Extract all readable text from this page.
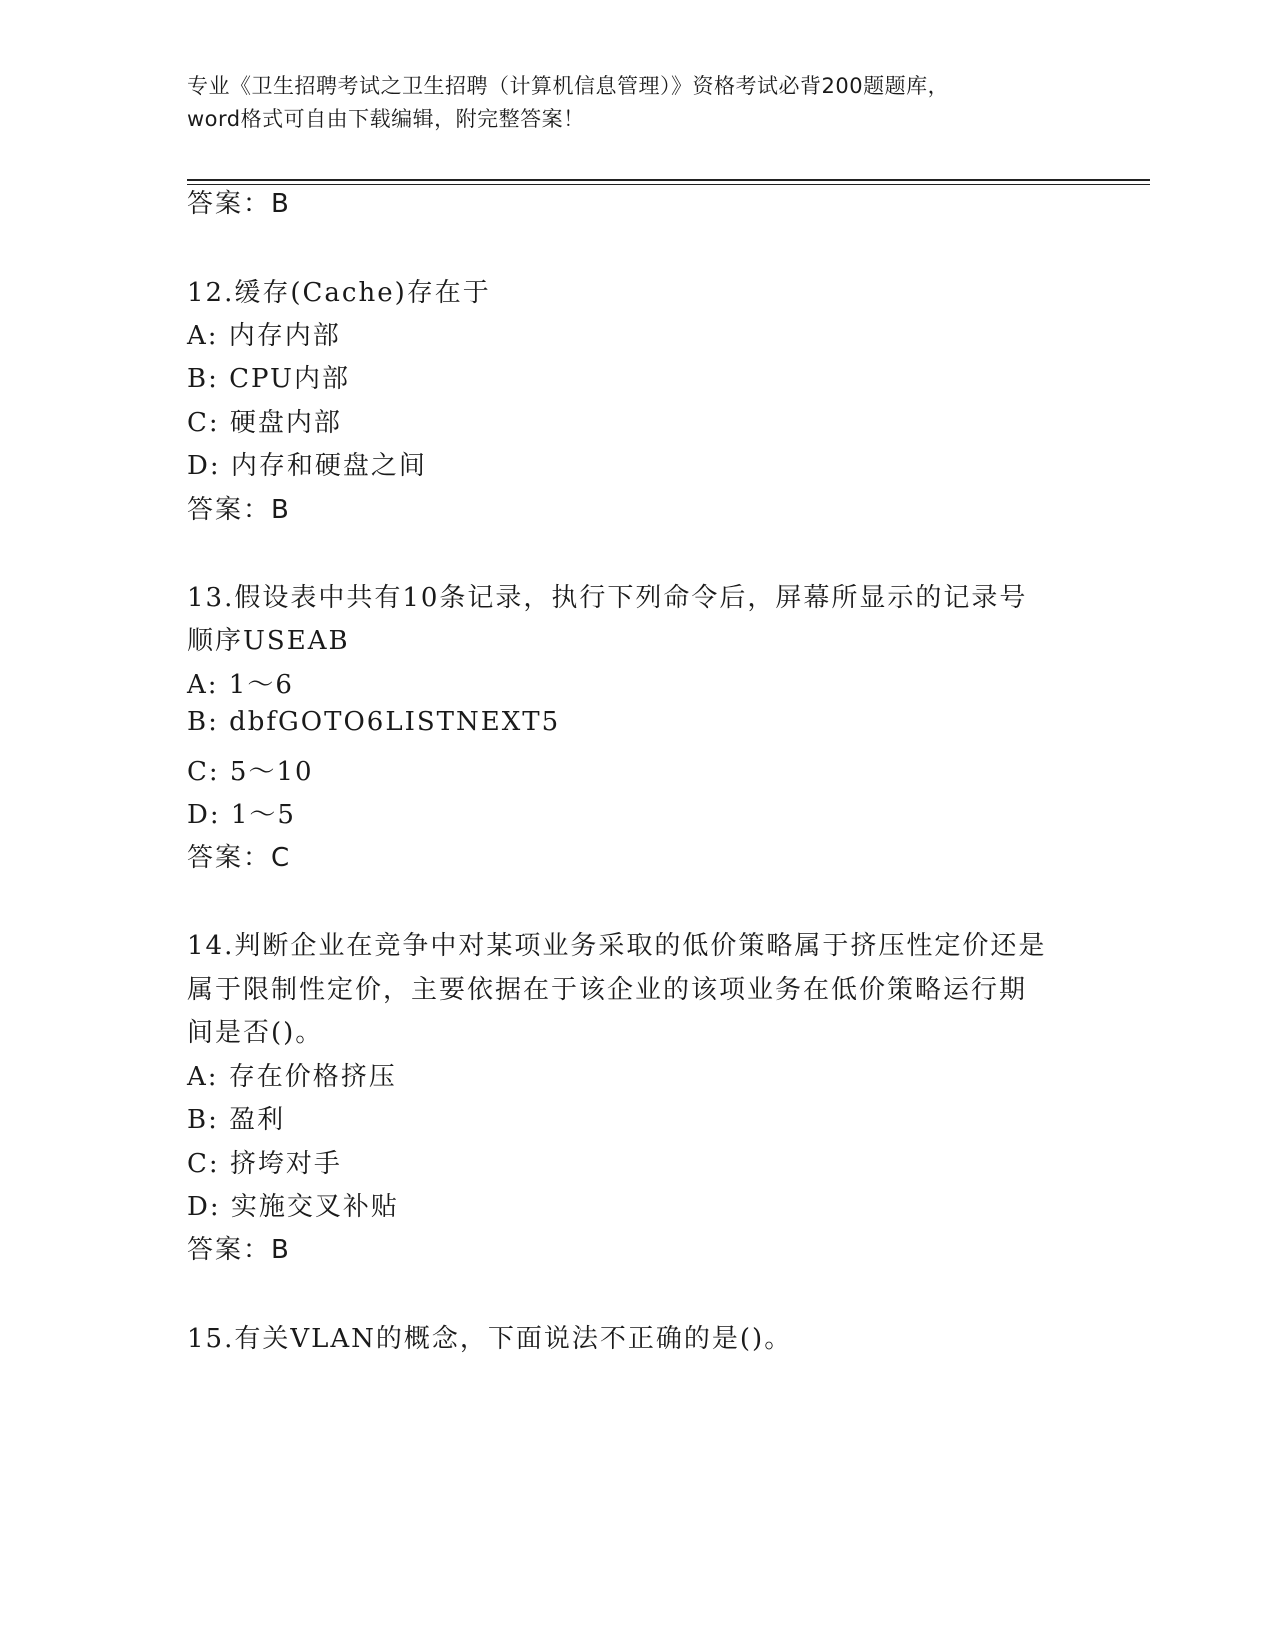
专业《卫生招聘考试之卫生招聘（计算机信息管理）》资格考试必背200题题库，
word格式可自由下载编辑，附完整答案！
答案：B
12.缓存(Cache)存在于
A: 内存内部
B: CPU内部
C: 硬盘内部
D: 内存和硬盘之间
答案：B
13.假设表中共有10条记录，执行下列命令后，屏幕所显示的记录号
顺序USEAB
A: 1～6
B: dbfGOTO6LISTNEXT5
C: 5～10
D: 1～5
答案：C
14.判断企业在竞争中对某项业务采取的低价策略属于挤压性定价还是
属于限制性定价，主要依据在于该企业的该项业务在低价策略运行期
间是否()。
A: 存在价格挤压
B: 盈利
C: 挤垮对手
D: 实施交叉补贴
答案：B
15.有关VLAN的概念，下面说法不正确的是()。
